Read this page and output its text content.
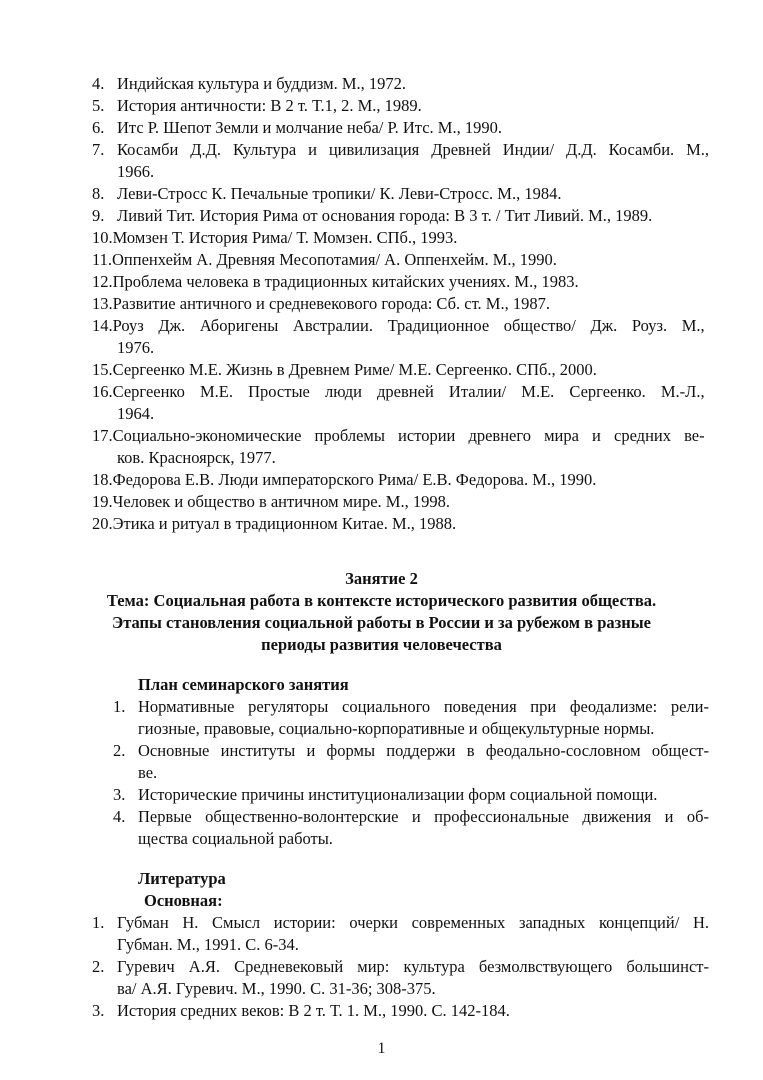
4. Индийская культура и буддизм. М., 1972.
5. История античности: В 2 т. Т.1, 2. М., 1989.
6. Итс Р. Шепот Земли и молчание неба/ Р. Итс. М., 1990.
7. Косамби Д.Д. Культура и цивилизация Древней Индии/ Д.Д. Косамби. М.,
1966.
8. Леви-Стросс К. Печальные тропики/ К. Леви-Стросс. М., 1984.
9. Ливий Тит. История Рима от основания города: В 3 т. / Тит Ливий. М., 1989.
10.Момзен Т. История Рима/ Т. Момзен. СПб., 1993.
11.Оппенхейм А. Древняя Месопотамия/ А. Оппенхейм. М., 1990.
12.Проблема человека в традиционных китайских учениях. М., 1983.
13.Развитие античного и средневекового города: Сб. ст. М., 1987.
14.Роуз Дж. Аборигены Австралии. Традиционное общество/ Дж. Роуз. М.,
1976.
15.Сергеенко М.Е. Жизнь в Древнем Риме/ М.Е. Сергеенко. СПб., 2000.
16.Сергеенко М.Е. Простые люди древней Италии/ М.Е. Сергеенко. М.-Л.,
1964.
17.Социально-экономические проблемы истории древнего мира и средних ве-
ков. Красноярск, 1977.
18.Федорова Е.В. Люди императорского Рима/ Е.В. Федорова. М., 1990.
19.Человек и общество в античном мире. М., 1998.
20.Этика и ритуал в традиционном Китае. М., 1988.
Занятие 2
Тема: Социальная работа в контексте исторического развития общества.
Этапы становления социальной работы в России и за рубежом в разные
периоды развития человечества
План семинарского занятия
1. Нормативные регуляторы социального поведения при феодализме: рели-
гиозные, правовые, социально-корпоративные и общекультурные нормы.
2. Основные институты и формы поддержи в феодально-сословном общест-
ве.
3. Исторические причины институционализации форм социальной помощи.
4. Первые общественно-волонтерские и профессиональные движения и об-
щества социальной работы.
Литература
Основная:
1. Губман Н. Смысл истории: очерки современных западных концепций/ Н.
Губман. М., 1991. С. 6-34.
2. Гуревич А.Я. Средневековый мир: культура безмолвствующего большинст-
ва/ А.Я. Гуревич. М., 1990. С. 31-36; 308-375.
3. История средних веков: В 2 т. Т. 1. М., 1990. С. 142-184.
1
